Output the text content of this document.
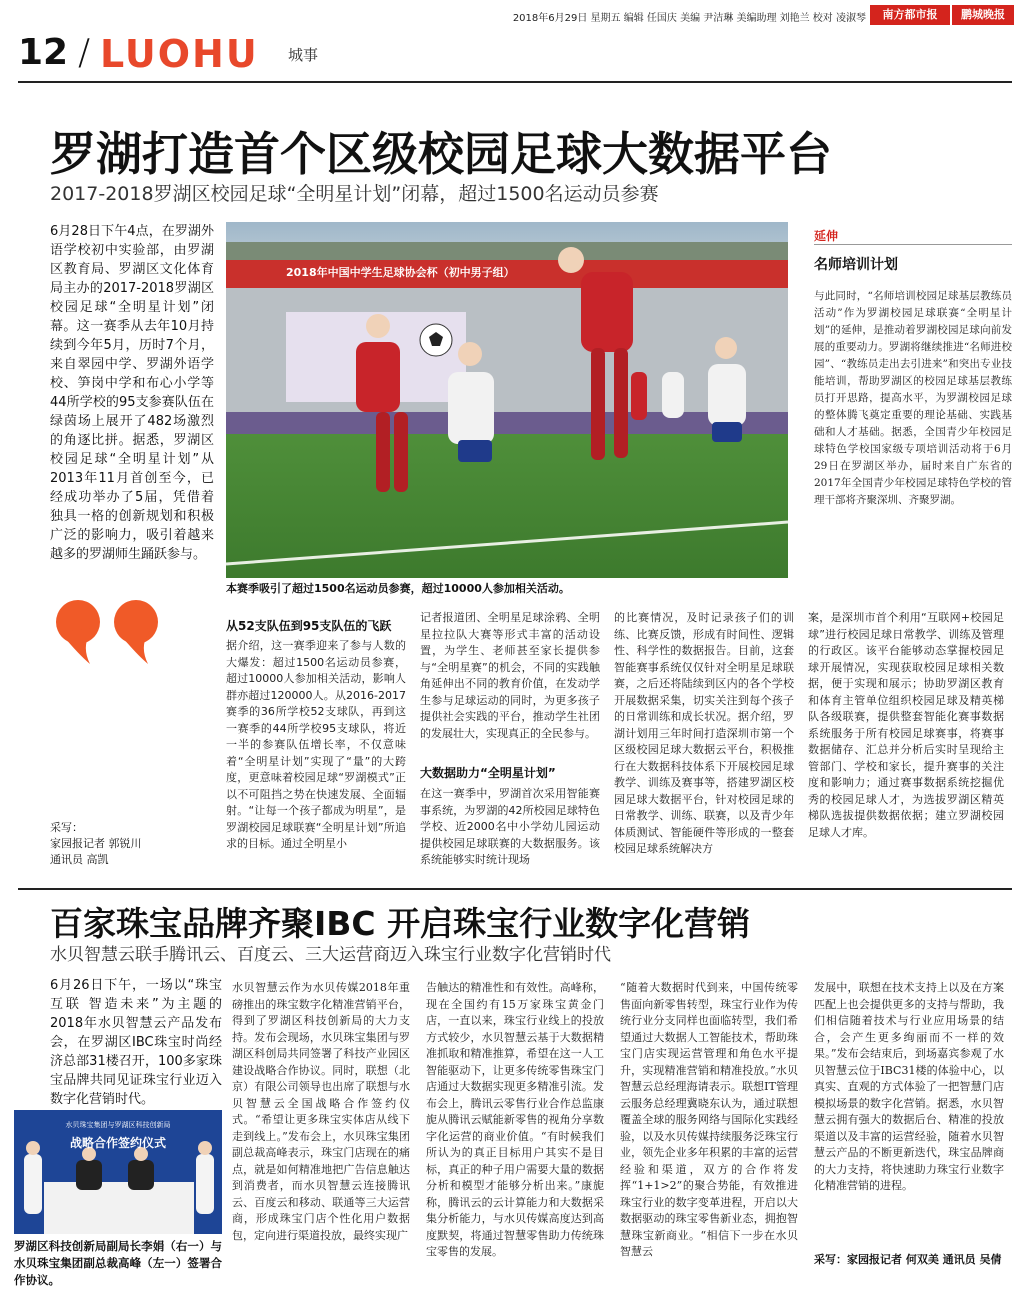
2018年6月29日 星期五 编辑 任国庆 美编 尹洁琳 美编助理 刘艳兰 校对 凌淑琴	南方都市报	鹏城晚报
12 / LUOHU 城事
罗湖打造首个区级校园足球大数据平台
2017-2018罗湖区校园足球“全明星计划”闭幕，超过1500名运动员参赛
6月28日下午4点，在罗湖外语学校初中实验部，由罗湖区教育局、罗湖区文化体育局主办的2017-2018罗湖区校园足球“全明星计划”闭幕。这一赛季从去年10月持续到今年5月，历时7个月，来自翠园中学、罗湖外语学校、笋岗中学和布心小学等44所学校的95支参赛队伍在绿茵场上展开了482场激烈的角逐比拼。据悉，罗湖区校园足球“全明星计划”从2013年11月首创至今，已经成功举办了5届，凭借着独具一格的创新规划和积极广泛的影响力，吸引着越来越多的罗湖师生踊跃参与。
2018年中国中学生足球协会杯（初中男子组）
本赛季吸引了超过1500名运动员参赛，超过10000人参加相关活动。
延伸
名师培训计划
与此同时，“名师培训校园足球基层教练员活动”作为罗湖校园足球联赛“全明星计划”的延伸，是推动着罗湖校园足球向前发展的重要动力。罗湖将继续推进“名师进校园”、“教练员走出去引进来”和突出专业技能培训，帮助罗湖区的校园足球基层教练员打开思路，提高水平，为罗湖校园足球的整体腾飞奠定重要的理论基础、实践基础和人才基础。据悉，全国青少年校园足球特色学校国家级专项培训活动将于6月29日在罗湖区举办，届时来自广东省的2017年全国青少年校园足球特色学校的管理干部将齐聚深圳、齐聚罗湖。
采写：
家园报记者 郭锐川
通讯员 高凯
从52支队伍到95支队伍的飞跃
据介绍，这一赛季迎来了参与人数的大爆发：超过1500名运动员参赛，超过10000人参加相关活动，影响人群亦超过120000人。从2016-2017赛季的36所学校52支球队，再到这一赛季的44所学校95支球队，将近一半的参赛队伍增长率，不仅意味着“全明星计划”实现了“量”的大跨度，更意味着校园足球“罗湖模式”正以不可阻挡之势在快速发展、全面辐射。“让每一个孩子都成为明星”，是罗湖校园足球联赛“全明星计划”所追求的目标。通过全明星小
记者报道团、全明星足球涂鸦、全明星拉拉队大赛等形式丰富的活动设置，为学生、老师甚至家长提供参与“全明星赛”的机会，不同的实践触角延伸出不同的教育价值，在发动学生参与足球运动的同时，为更多孩子提供社会实践的平台，推动学生社团的发展壮大，实现真正的全民参与。
大数据助力“全明星计划”
在这一赛季中，罗湖首次采用智能赛事系统，为罗湖的42所校园足球特色学校、近2000名中小学幼儿园运动提供校园足球联赛的大数据服务。该系统能够实时统计现场
的比赛情况，及时记录孩子们的训练、比赛反馈，形成有时间性、逻辑性、科学性的数据报告。目前，这套智能赛事系统仅仅针对全明星足球联赛，之后还将陆续到区内的各个学校开展数据采集，切实关注到每个孩子的日常训练和成长状况。据介绍，罗湖计划用三年时间打造深圳市第一个区级校园足球大数据云平台，积极推行在大数据科技体系下开展校园足球教学、训练及赛事等，搭建罗湖区校园足球大数据平台，针对校园足球的日常教学、训练、联赛，以及青少年体质测试、智能硬件等形成的一整套校园足球系统解决方
案，是深圳市首个利用“互联网+校园足球”进行校园足球日常教学、训练及管理的行政区。该平台能够动态掌握校园足球开展情况，实现获取校园足球相关数据，便于实现和展示；协助罗湖区教育和体育主管单位组织校园足球及精英梯队各级联赛，提供整套智能化赛事数据系统服务于所有校园足球赛事，将赛事数据储存、汇总并分析后实时呈现给主管部门、学校和家长，提升赛事的关注度和影响力；通过赛事数据系统挖掘优秀的校园足球人才，为选拔罗湖区精英梯队选拔提供数据依据；建立罗湖校园足球人才库。
百家珠宝品牌齐聚IBC 开启珠宝行业数字化营销
水贝智慧云联手腾讯云、百度云、三大运营商迈入珠宝行业数字化营销时代
6月26日下午，一场以“珠宝互联 智造未来”为主题的2018年水贝智慧云产品发布会，在罗湖区IBC珠宝时尚经济总部31楼召开，100多家珠宝品牌共同见证珠宝行业迈入数字化营销时代。
水贝珠宝集团与罗湖区科技创新局
战略合作签约仪式
罗湖区科技创新局副局长李娟（右一）与水贝珠宝集团副总裁高峰（左一）签署合作协议。
水贝智慧云作为水贝传媒2018年重磅推出的珠宝数字化精准营销平台，得到了罗湖区科技创新局的大力支持。发布会现场，水贝珠宝集团与罗湖区科创局共同签署了科技产业园区建设战略合作协议。同时，联想（北京）有限公司领导也出席了联想与水贝智慧云全国战略合作签约仪式。“希望让更多珠宝实体店从线下走到线上。”发布会上，水贝珠宝集团副总裁高峰表示，珠宝门店现在的痛点，就是如何精准地把广告信息触达到消费者，而水贝智慧云连接腾讯云、百度云和移动、联通等三大运营商，形成珠宝门店个性化用户数据包，定向进行渠道投放，最终实现广
告触达的精准性和有效性。高峰称，现在全国约有15万家珠宝黄金门店，一直以来，珠宝行业线上的投放方式较少，水贝智慧云基于大数据精准抓取和精准推算，希望在这一人工智能驱动下，让更多传统零售珠宝门店通过大数据实现更多精准引流。发布会上，腾讯云零售行业合作总监康旎从腾讯云赋能新零售的视角分享数字化运营的商业价值。“有时候我们所认为的真正目标用户其实不是目标，真正的种子用户需要大量的数据分析和模型才能够分析出来。”康旎称，腾讯云的云计算能力和大数据采集分析能力，与水贝传媒高度达到高度默契，将通过智慧零售助力传统珠宝零售的发展。
“随着大数据时代到来，中国传统零售面向新零售转型，珠宝行业作为传统行业分支同样也面临转型，我们希望通过大数据人工智能技术，帮助珠宝门店实现运营管理和角色水平提升，实现精准营销和精准投放。”水贝智慧云总经理海请表示。联想IT管理云服务总经理冀晓东认为，通过联想覆盖全球的服务网络与国际化实践经验，以及水贝传媒持续服务泛珠宝行业，领先企业多年积累的丰富的运营经验和渠道，双方的合作将发挥“1+1>2”的聚合势能，有效推进珠宝行业的数字变革进程，开启以大数据驱动的珠宝零售新业态，拥抱智慧珠宝新商业。“相信下一步在水贝智慧云
发展中，联想在技术支持上以及在方案匹配上也会提供更多的支持与帮助，我们相信随着技术与行业应用场景的结合，会产生更多绚丽而不一样的效果。”发布会结束后，到场嘉宾参观了水贝智慧云位于IBC31楼的体验中心，以真实、直观的方式体验了一把智慧门店模拟场景的数字化营销。据悉，水贝智慧云拥有强大的数据后台、精准的投放渠道以及丰富的运营经验，随着水贝智慧云产品的不断更新迭代，珠宝品牌商的大力支持，将快速助力珠宝行业数字化精准营销的进程。
采写：家园报记者 何双美 通讯员 吴倩
